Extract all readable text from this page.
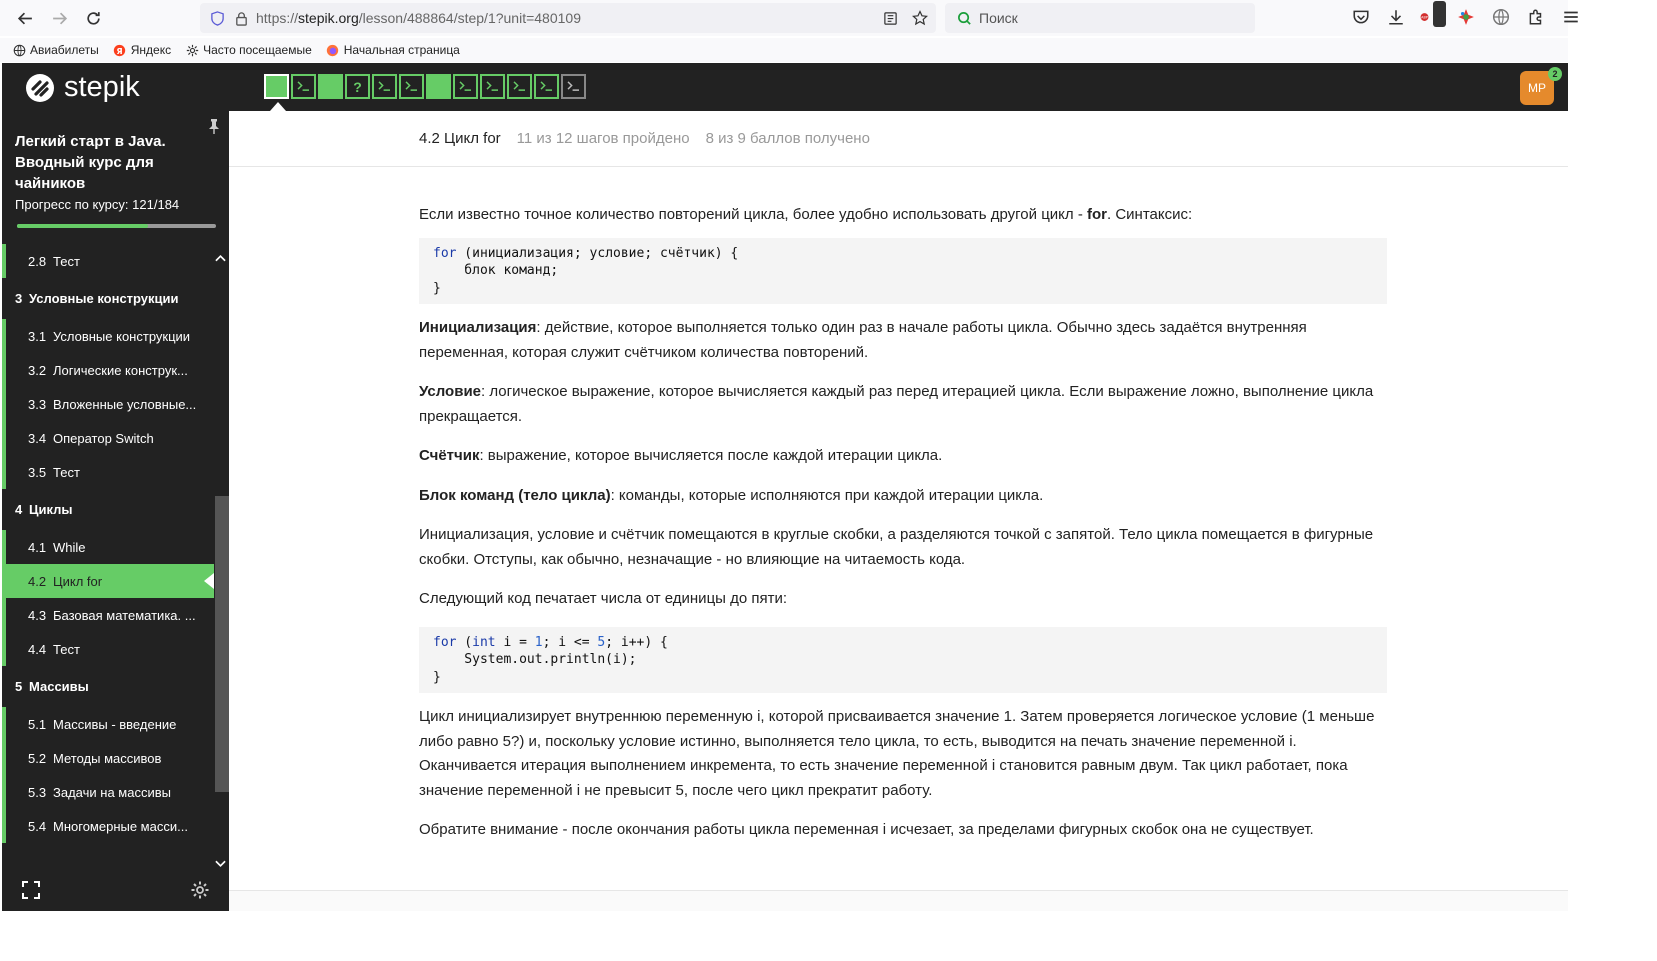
https://stepik.org/lesson/488864/step/1?unit=480109	Поиск	ABP	2
Авиабилеты Я Яндекс	Часто посещаемые	Начальная страница
stepik	?	MP
2
Легкий старт в Java. Вводный курс для чайников
Прогресс по курсу: 121/184
2.8 Тест
3 Условные конструкции
3.1 Условные конструкции
3.2 Логические конструк...
3.3 Вложенные условные...
3.4 Оператор Switch
3.5 Тест
4 Циклы
4.1 While
4.2 Цикл for
4.3 Базовая математика. ...
4.4 Тест
5 Массивы
5.1 Массивы - введение
5.2 Методы массивов
5.3 Задачи на массивы
5.4 Многомерные масси...
4.2 Цикл for 11 из 12 шагов пройдено 8 из 9 баллов получено

Если известно точное количество повторений цикла, более удобно использовать другой цикл - for. Синтаксис:

for (инициализация; условие; счётчик) {
блок команд;
}

Инициализация: действие, которое выполняется только один раз в начале работы цикла. Обычно здесь задаётся внутренняя переменная, которая служит счётчиком количества повторений.

Условие: логическое выражение, которое вычисляется каждый раз перед итерацией цикла. Если выражение ложно, выполнение цикла прекращается.

Счётчик: выражение, которое вычисляется после каждой итерации цикла.

Блок команд (тело цикла): команды, которые исполняются при каждой итерации цикла.

Инициализация, условие и счётчик помещаются в круглые скобки, а разделяются точкой с запятой. Тело цикла помещается в фигурные скобки. Отступы, как обычно, незначащие - но влияющие на читаемость кода.

Следующий код печатает числа от единицы до пяти:

for (int i = 1; i <= 5; i++) {
System.out.println(i);
}

Цикл инициализирует внутреннюю переменную i, которой присваивается значение 1. Затем проверяется логическое условие (1 меньше либо равно 5?) и, поскольку условие истинно, выполняется тело цикла, то есть, выводится на печать значение переменной i. Оканчивается итерация выполнением инкремента, то есть значение переменной i становится равным двум. Так цикл работает, пока значение переменной i не превысит 5, после чего цикл прекратит работу.

Обратите внимание - после окончания работы цикла переменная i исчезает, за пределами фигурных скобок она не существует.
